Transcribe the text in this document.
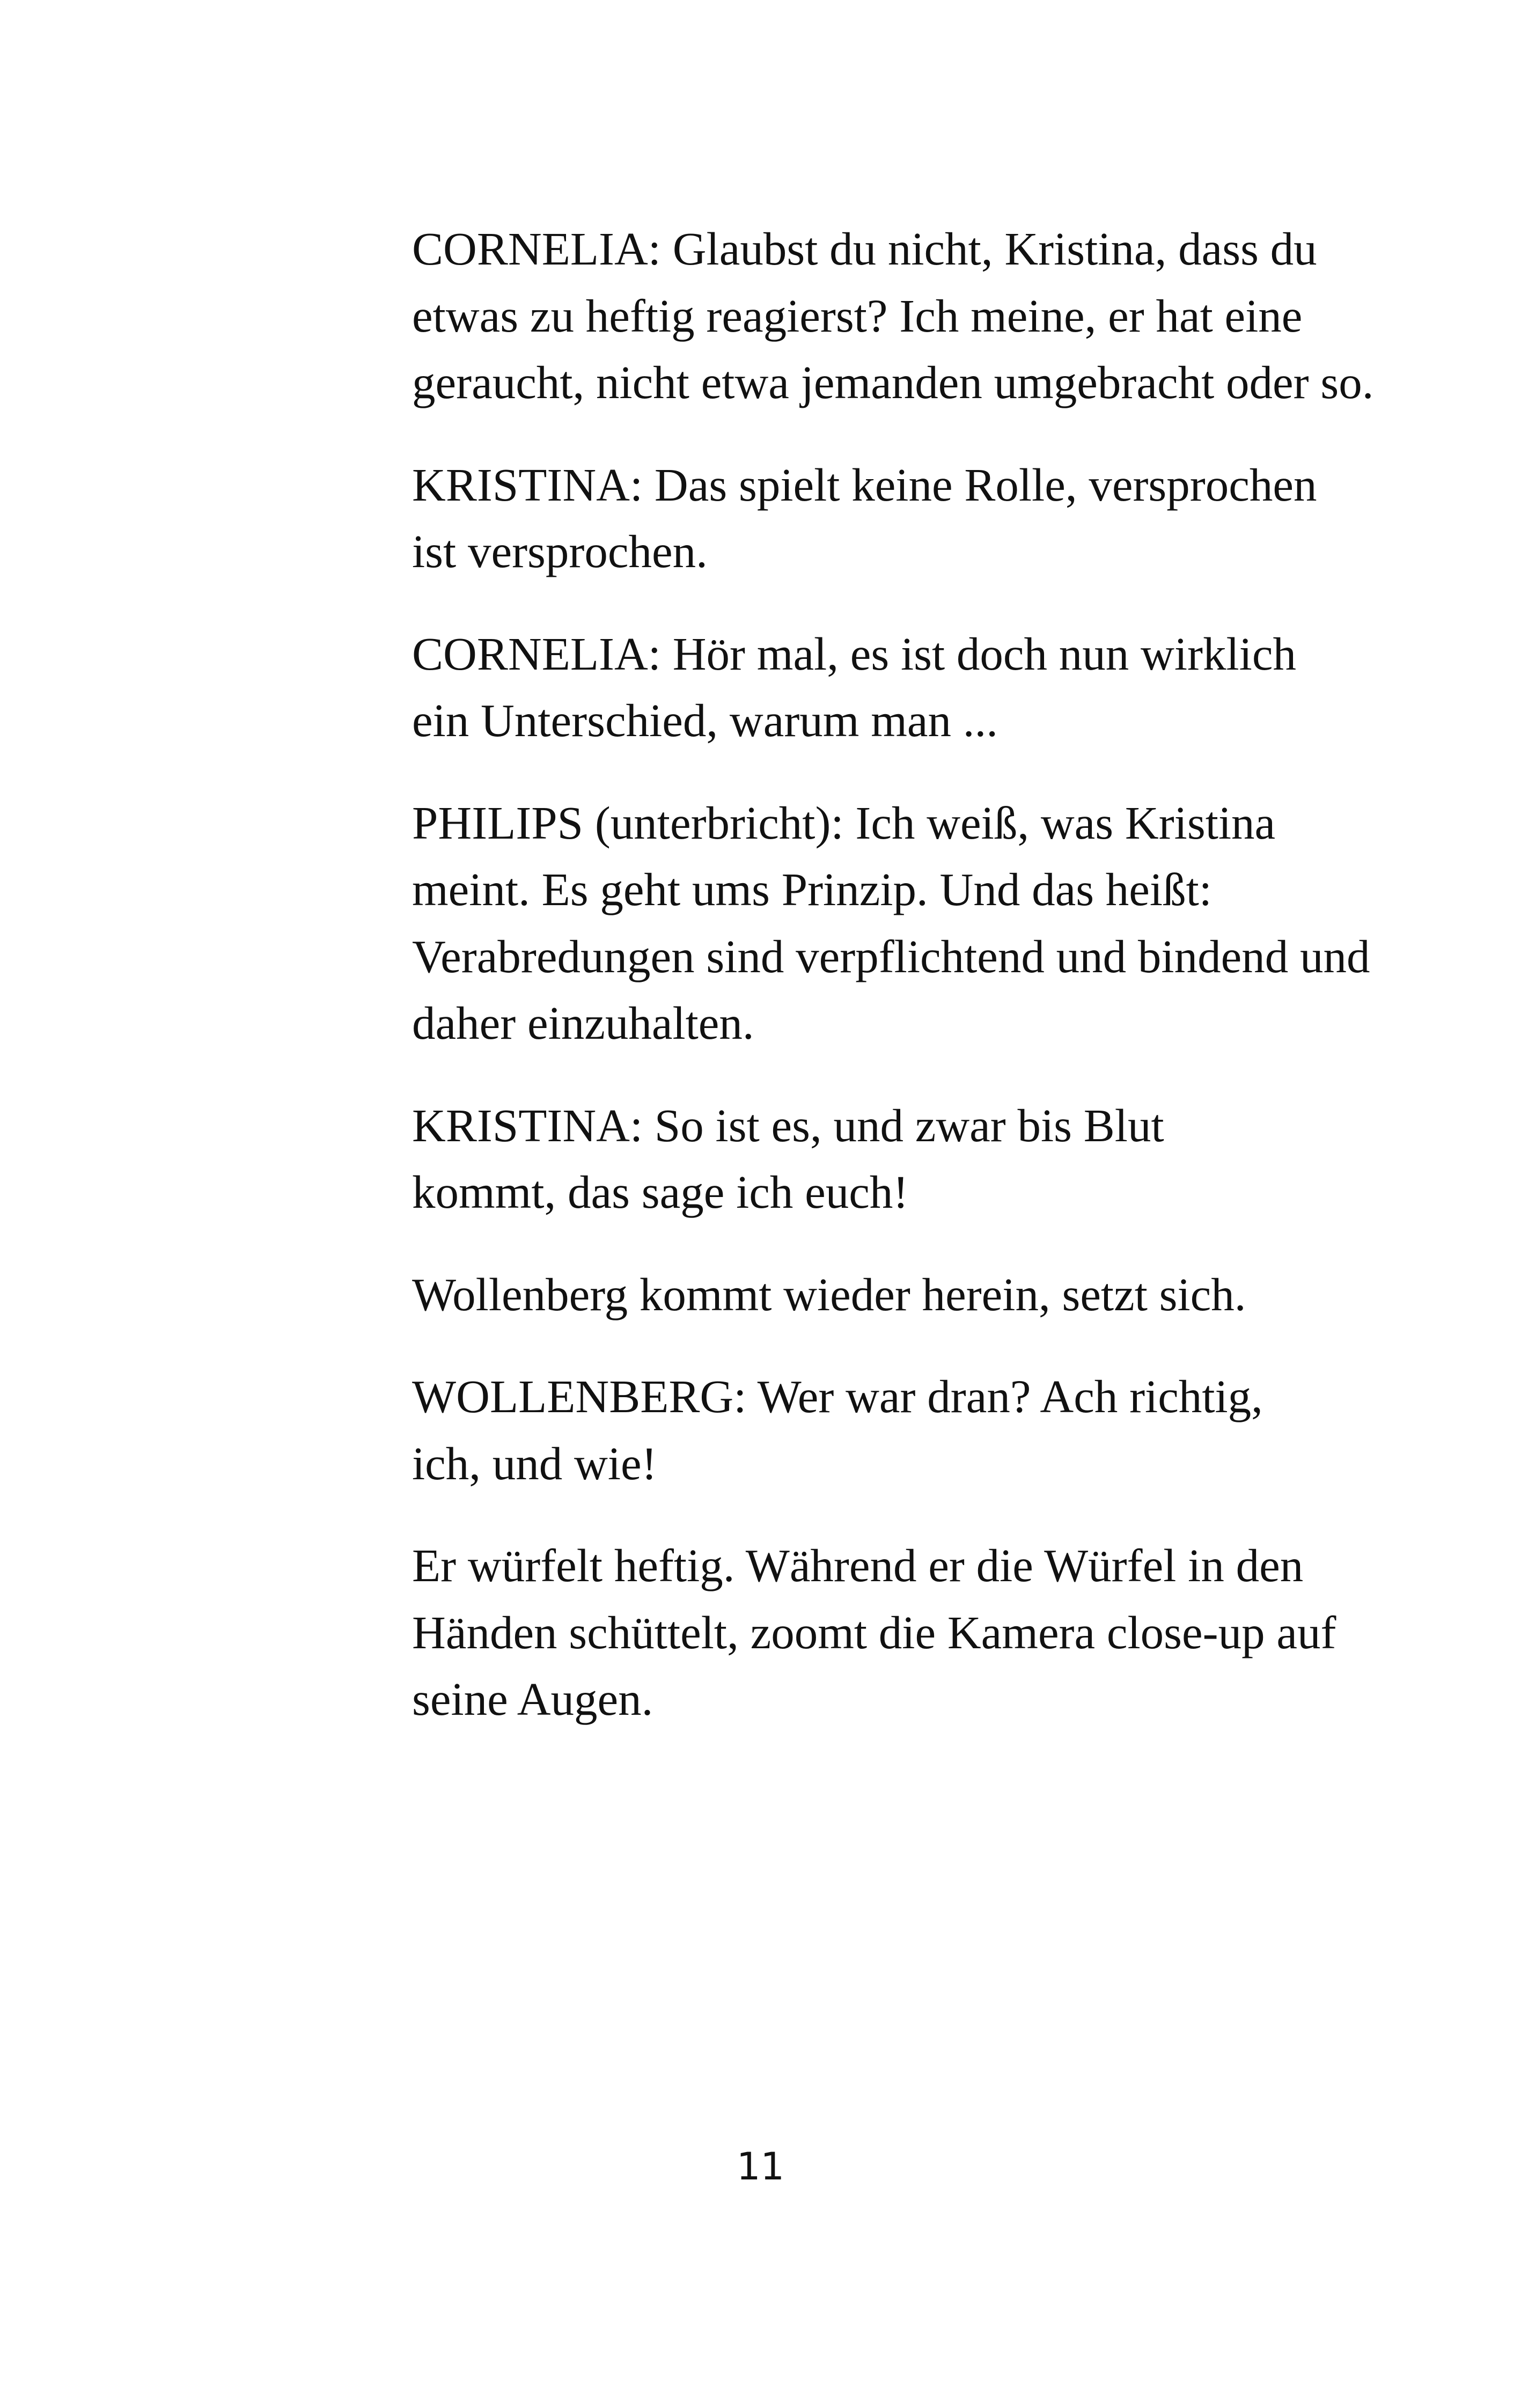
CORNELIA: Glaubst du nicht, Kristina, dass du
etwas zu heftig reagierst? Ich meine, er hat eine
geraucht, nicht etwa jemanden umgebracht oder so.

KRISTINA: Das spielt keine Rolle, versprochen
ist versprochen.

CORNELIA: Hör mal, es ist doch nun wirklich
ein Unterschied, warum man ...

PHILIPS (unterbricht): Ich weiß, was Kristina
meint. Es geht ums Prinzip. Und das heißt:
Verabredungen sind verpflichtend und bindend und
daher einzuhalten.

KRISTINA: So ist es, und zwar bis Blut
kommt, das sage ich euch!

Wollenberg kommt wieder herein, setzt sich.

WOLLENBERG: Wer war dran? Ach richtig,
ich, und wie!

Er würfelt heftig. Während er die Würfel in den
Händen schüttelt, zoomt die Kamera close-up auf
seine Augen.

11
